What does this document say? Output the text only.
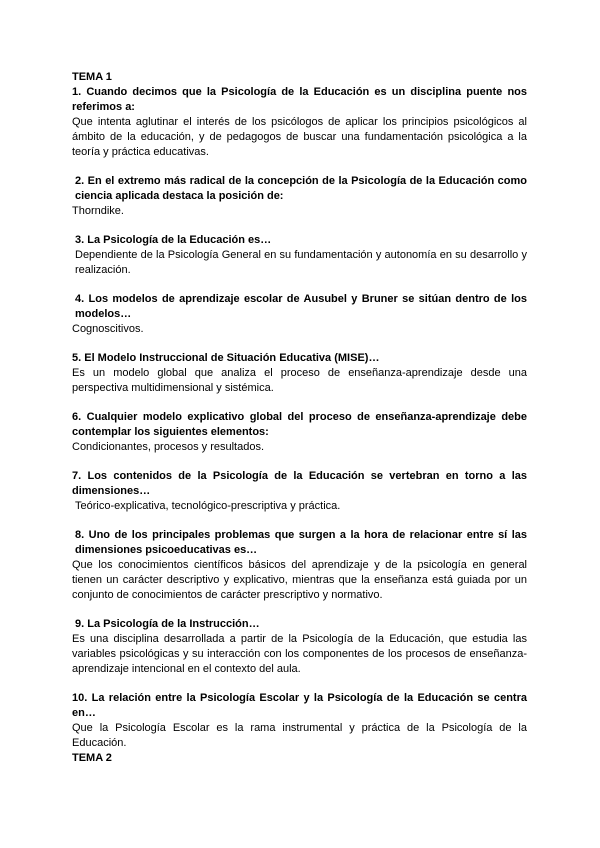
TEMA 1

1. Cuando decimos que la Psicología de la Educación es un disciplina puente nos referimos a:

Que intenta aglutinar el interés de los psicólogos de aplicar los principios psicológicos al ámbito de la educación, y de pedagogos de buscar una fundamentación psicológica a la teoría y práctica educativas.

2. En el extremo más radical de la concepción de la Psicología de la Educación como ciencia aplicada destaca la posición de:

Thorndike.

3. La Psicología de la Educación es…

Dependiente de la Psicología General en su fundamentación y autonomía en su desarrollo y realización.

4. Los modelos de aprendizaje escolar de Ausubel y Bruner se sitúan dentro de los modelos…

Cognoscitivos.

5. El Modelo Instruccional de Situación Educativa (MISE)…

Es un modelo global que analiza el proceso de enseñanza-aprendizaje desde una perspectiva multidimensional y sistémica.

6. Cualquier modelo explicativo global del proceso de enseñanza-aprendizaje debe contemplar los siguientes elementos:

Condicionantes, procesos y resultados.

7. Los contenidos de la Psicología de la Educación se vertebran en torno a las dimensiones…

Teórico-explicativa, tecnológico-prescriptiva y práctica.

8. Uno de los principales problemas que surgen a la hora de relacionar entre sí las dimensiones psicoeducativas es…

Que los conocimientos científicos básicos del aprendizaje y de la psicología en general tienen un carácter descriptivo y explicativo, mientras que la enseñanza está guiada por un conjunto de conocimientos de carácter prescriptivo y normativo.

9. La Psicología de la Instrucción…

Es una disciplina desarrollada a partir de la Psicología de la Educación, que estudia las variables psicológicas y su interacción con los componentes de los procesos de enseñanza-aprendizaje intencional en el contexto del aula.

10. La relación entre la Psicología Escolar y la Psicología de la Educación se centra en…

Que la Psicología Escolar es la rama instrumental y práctica de la Psicología de la Educación.

TEMA 2
